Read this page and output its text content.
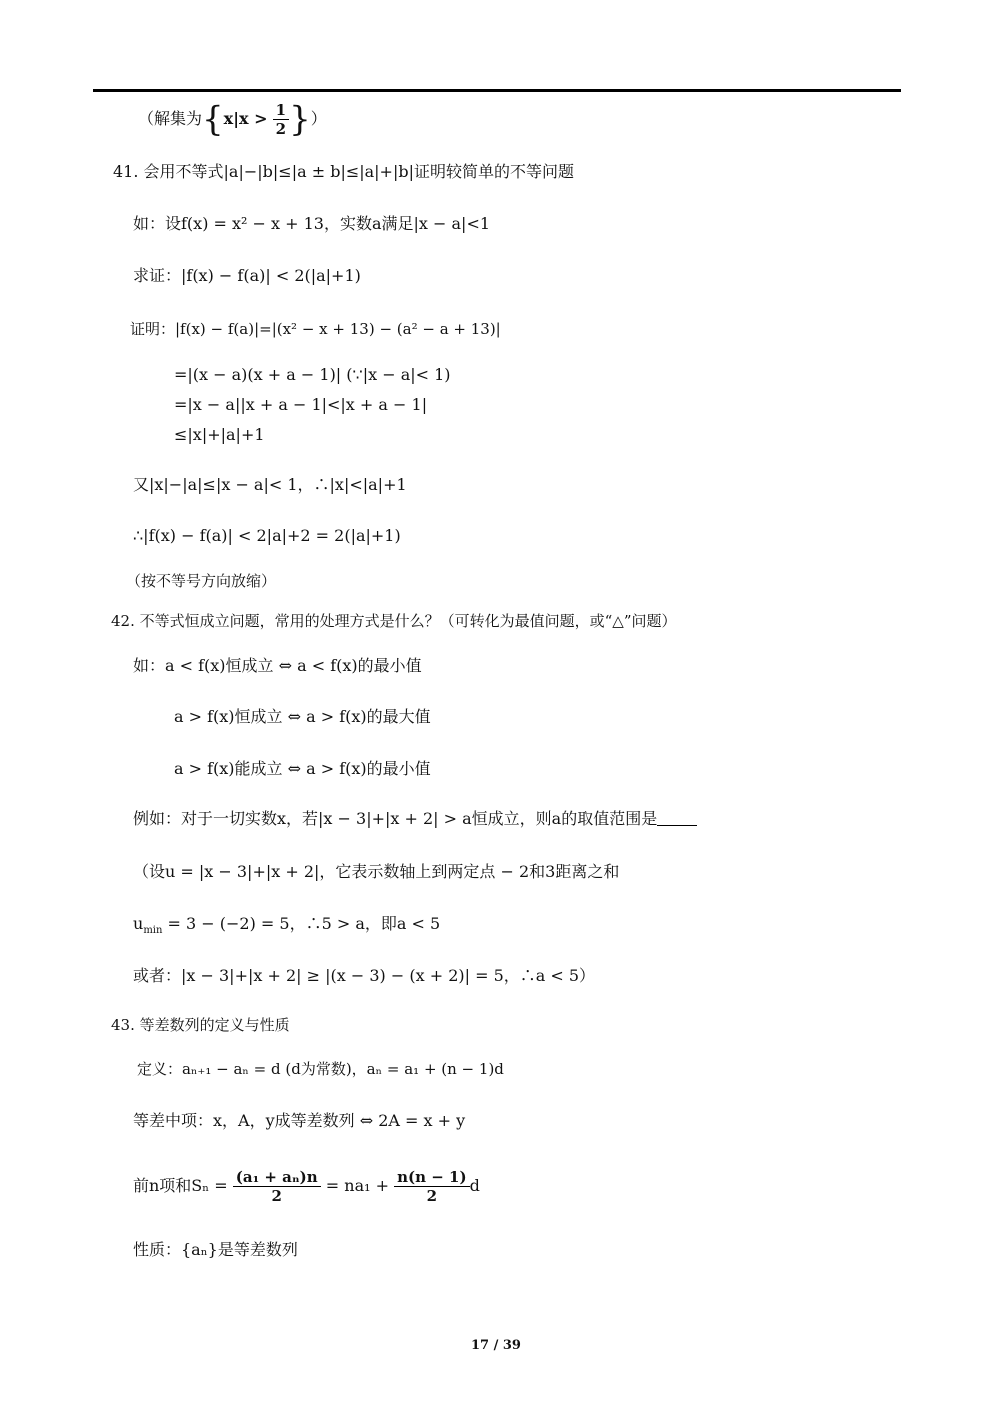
（解集为{$x|x > \frac{1}{2}$ }）
41. 会用不等式|a|−|b|≤|a ± b|≤|a|+|b|证明较简单的不等问题
如：设f(x) = x² − x + 13，实数a满足|x − a|<1
求证：|f(x) − f(a)| < 2(|a|+1)
证明：|f(x) − f(a)|=|(x² − x + 13) − (a² − a + 13)|
=|(x − a)(x + a − 1)| (∵|x − a|< 1)
=|x − a||x + a − 1|<|x + a − 1|
≤|x|+|a|+1
又|x|−|a|≤|x − a|< 1，∴|x|<|a|+1
∴|f(x) − f(a)| < 2|a|+2 = 2(|a|+1)
（按不等号方向放缩）
42. 不等式恒成立问题，常用的处理方式是什么？（可转化为最值问题，或“△”问题）
如：a < f(x)恒成立 ⇔ a < f(x)的最小值
a > f(x)恒成立 ⇔ a > f(x)的最大值
a > f(x)能成立 ⇔ a > f(x)的最小值
例如：对于一切实数x，若|x − 3|+|x + 2| > a恒成立，则a的取值范围是
（设u = |x − 3|+|x + 2|，它表示数轴上到两定点 − 2和3距离之和
$u_{min} = 3 - (-2) = 5$，∴5 > a，即a < 5
或者：|x − 3|+|x + 2| ≥ |(x − 3) − (x + 2)| = 5，∴a < 5）
43. 等差数列的定义与性质
定义：aₙ₊₁ − aₙ = d (d为常数)，aₙ = a₁ + (n − 1)d
等差中项：x，A，y成等差数列 ⇔ 2A = x + y
前n项和$S_n = \frac{\text{(a₁ + aₙ)n}}{2} = na_1 + \frac{n(n - 1)}{2}$ d
性质：{aₙ}是等差数列
17 / 39
